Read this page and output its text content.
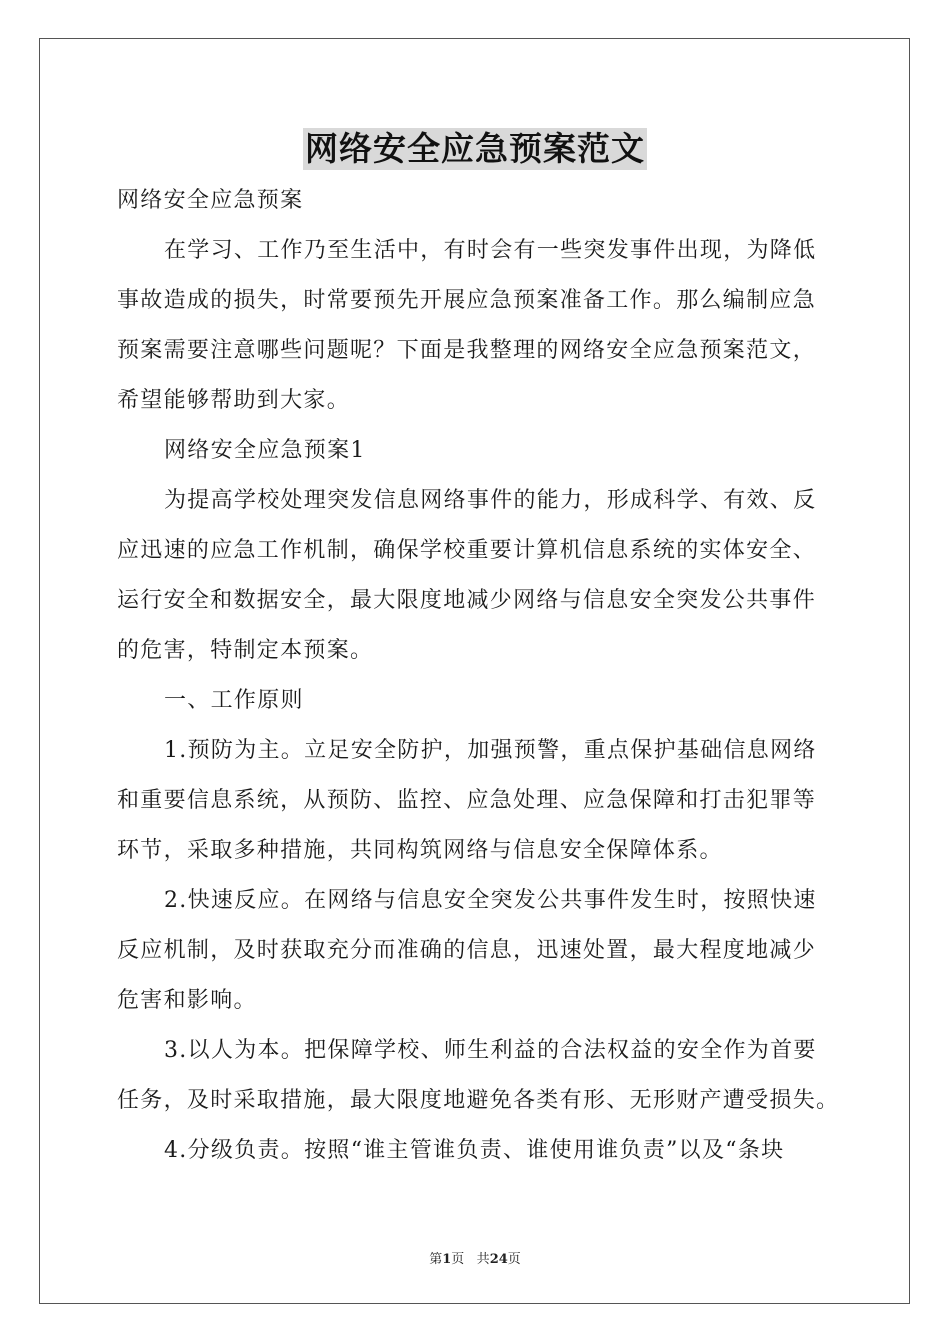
网络安全应急预案范文
网络安全应急预案
在学习、工作乃至生活中，有时会有一些突发事件出现，为降低
事故造成的损失，时常要预先开展应急预案准备工作。那么编制应急
预案需要注意哪些问题呢？下面是我整理的网络安全应急预案范文，
希望能够帮助到大家。
网络安全应急预案1
为提高学校处理突发信息网络事件的能力，形成科学、有效、反
应迅速的应急工作机制，确保学校重要计算机信息系统的实体安全、
运行安全和数据安全，最大限度地减少网络与信息安全突发公共事件
的危害，特制定本预案。
一、工作原则
1.预防为主。立足安全防护，加强预警，重点保护基础信息网络
和重要信息系统，从预防、监控、应急处理、应急保障和打击犯罪等
环节，采取多种措施，共同构筑网络与信息安全保障体系。
2.快速反应。在网络与信息安全突发公共事件发生时，按照快速
反应机制，及时获取充分而准确的信息，迅速处置，最大程度地减少
危害和影响。
3.以人为本。把保障学校、师生利益的合法权益的安全作为首要
任务，及时采取措施，最大限度地避免各类有形、无形财产遭受损失。
4.分级负责。按照“谁主管谁负责、谁使用谁负责”以及“条块
第1页 共24页
